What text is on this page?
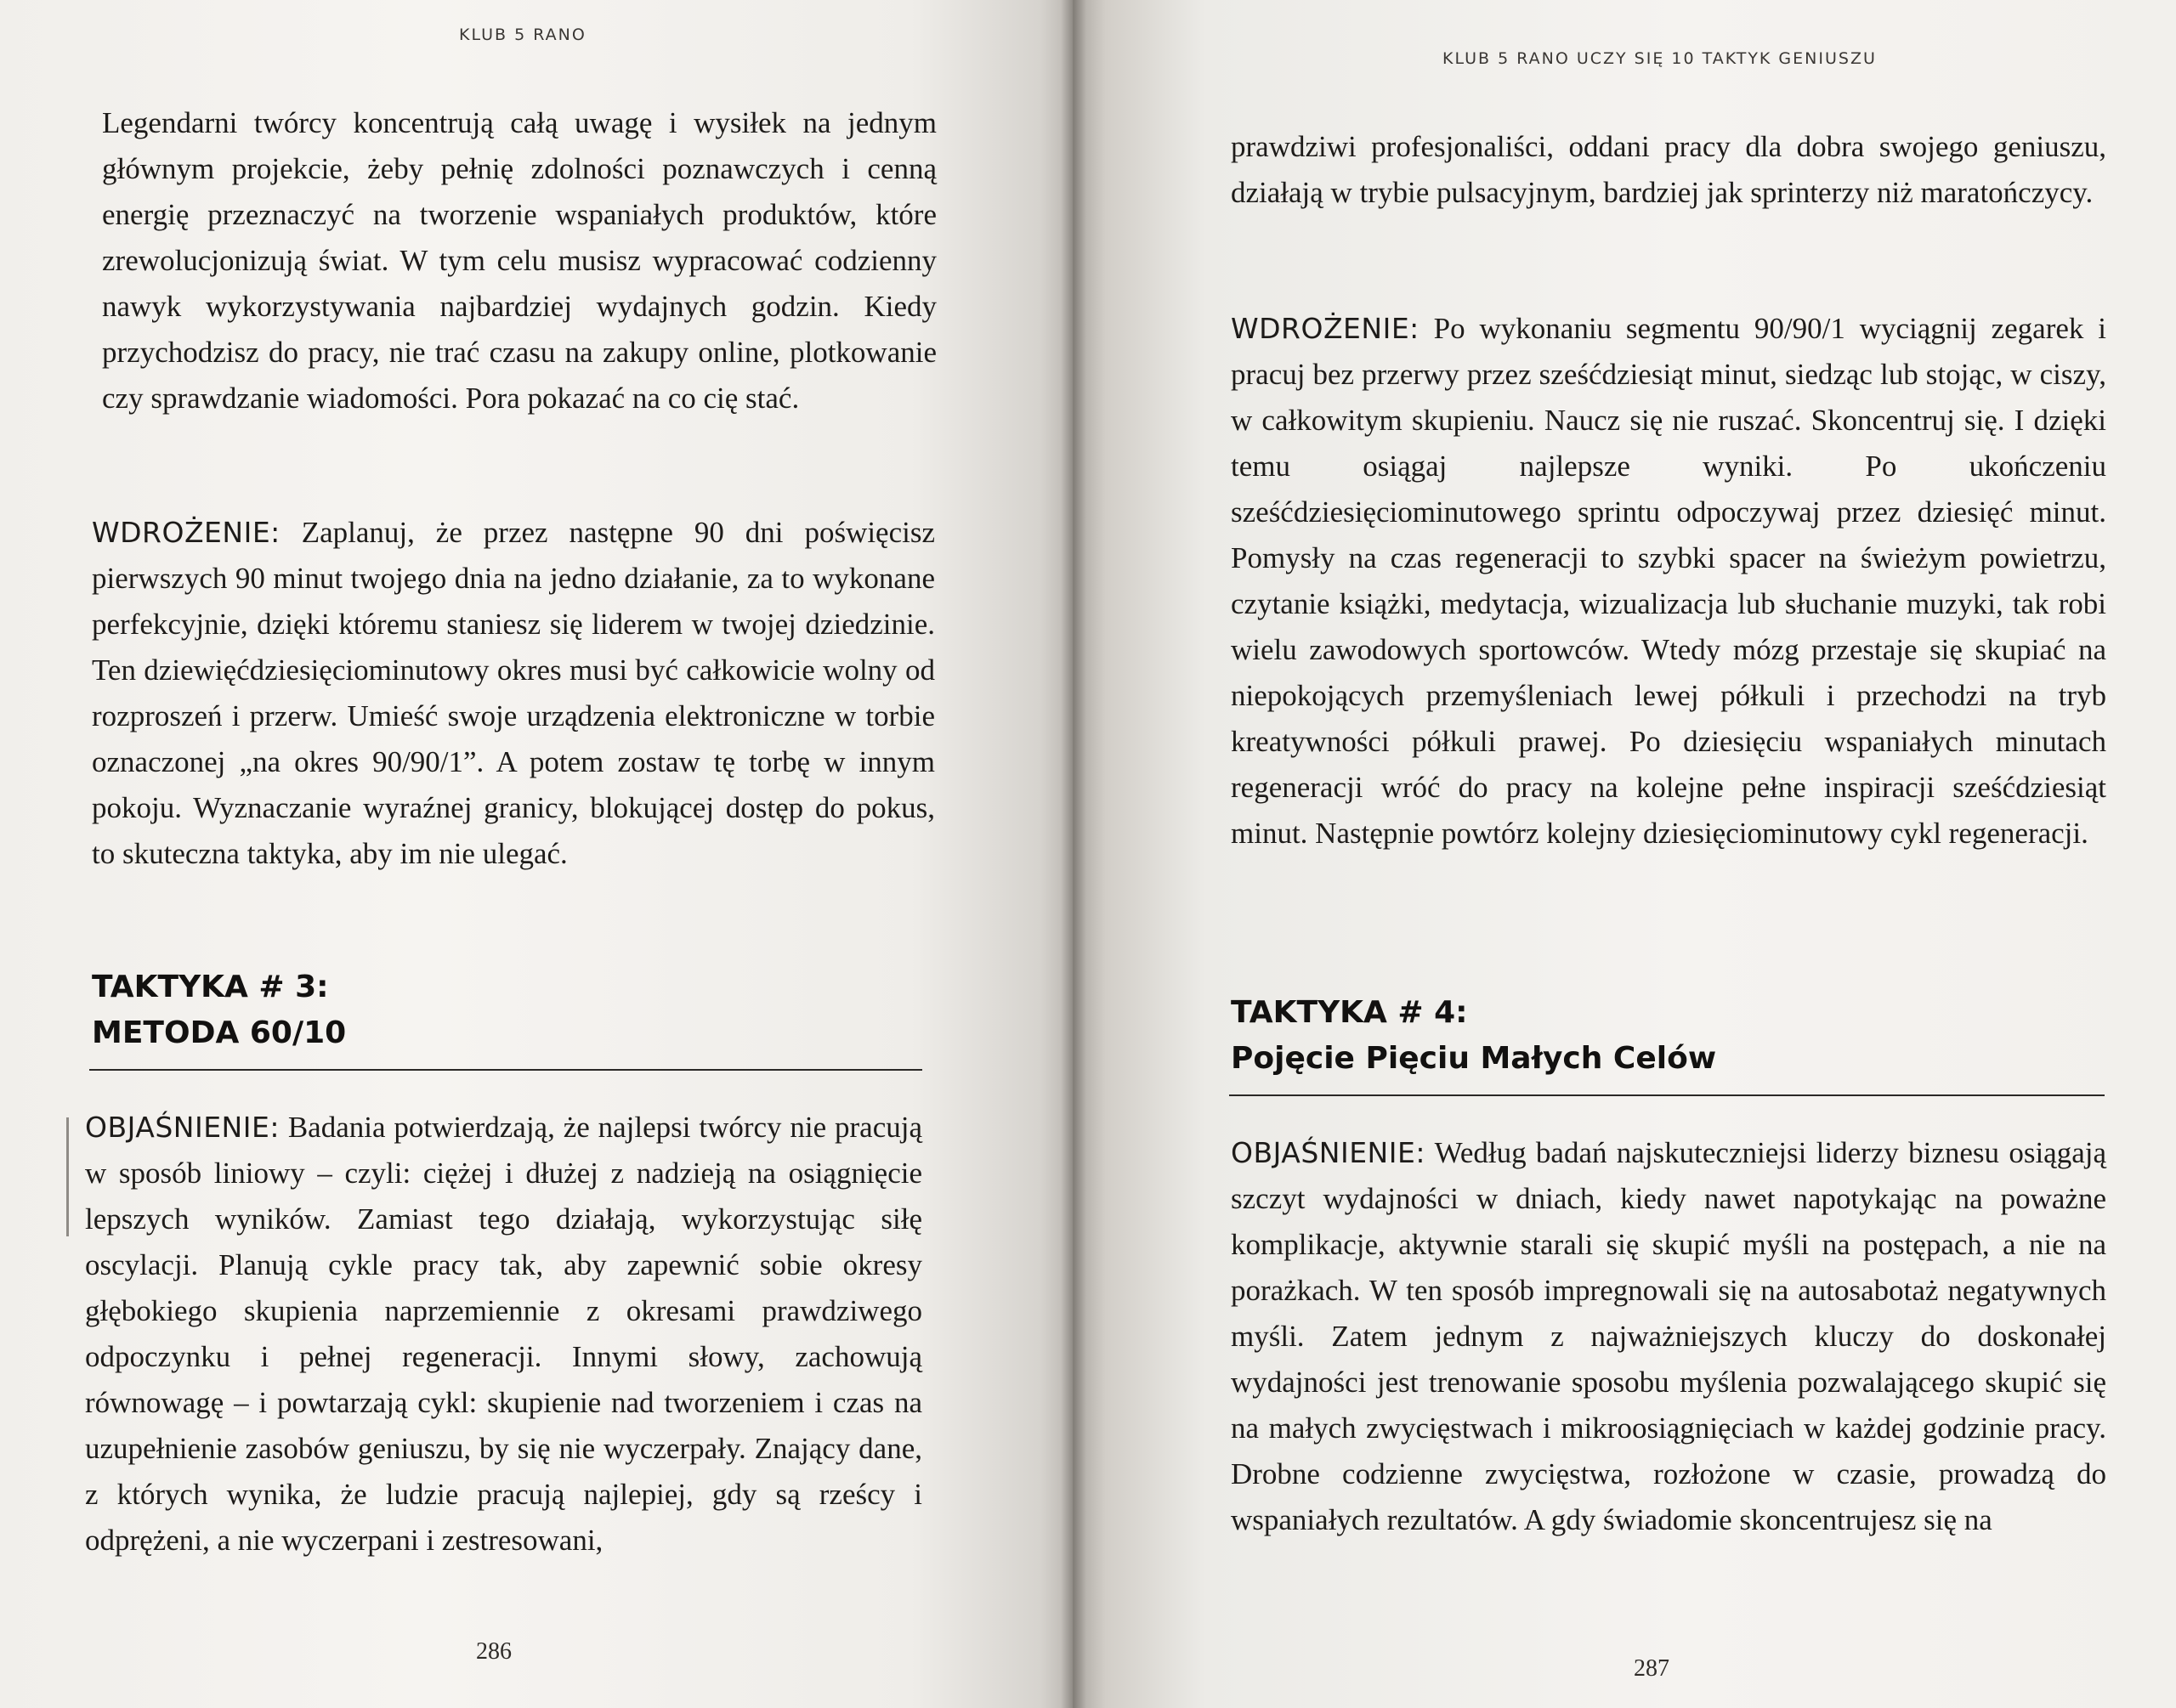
KLUB 5 RANO

Legendarni twórcy koncentrują całą uwagę i wysiłek na jednym głównym projekcie, żeby pełnię zdolności poznawczych i cenną energię przeznaczyć na tworzenie wspaniałych produktów, które zrewolucjonizują świat. W tym celu musisz wypracować codzienny nawyk wykorzystywania najbardziej wydajnych godzin. Kiedy przychodzisz do pracy, nie trać czasu na zakupy online, plotkowanie czy sprawdzanie wiadomości. Pora pokazać na co cię stać.

WDROŻENIE: Zaplanuj, że przez następne 90 dni poświęcisz pierwszych 90 minut twojego dnia na jedno działanie, za to wykonane perfekcyjnie, dzięki któremu staniesz się liderem w twojej dziedzinie. Ten dziewięćdziesięciominutowy okres musi być całkowicie wolny od rozproszeń i przerw. Umieść swoje urządzenia elektroniczne w torbie oznaczonej „na okres 90/90/1”. A potem zostaw tę torbę w innym pokoju. Wyznaczanie wyraźnej granicy, blokującej dostęp do pokus, to skuteczna taktyka, aby im nie ulegać.

TAKTYKA # 3:
METODA 60/10

OBJAŚNIENIE: Badania potwierdzają, że najlepsi twórcy nie pracują w sposób liniowy – czyli: ciężej i dłużej z nadzieją na osiągnięcie lepszych wyników. Zamiast tego działają, wykorzystując siłę oscylacji. Planują cykle pracy tak, aby zapewnić sobie okresy głębokiego skupienia naprzemiennie z okresami prawdziwego odpoczynku i pełnej regeneracji. Innymi słowy, zachowują równowagę – i powtarzają cykl: skupienie nad tworzeniem i czas na uzupełnienie zasobów geniuszu, by się nie wyczerpały. Znający dane, z których wynika, że ludzie pracują najlepiej, gdy są rześcy i odprężeni, a nie wyczerpani i zestresowani,

286
KLUB 5 RANO UCZY SIĘ 10 TAKTYK GENIUSZU

prawdziwi profesjonaliści, oddani pracy dla dobra swojego geniuszu, działają w trybie pulsacyjnym, bardziej jak sprinterzy niż maratończycy.

WDROŻENIE: Po wykonaniu segmentu 90/90/1 wyciągnij zegarek i pracuj bez przerwy przez sześćdziesiąt minut, siedząc lub stojąc, w ciszy, w całkowitym skupieniu. Naucz się nie ruszać. Skoncentruj się. I dzięki temu osiągaj najlepsze wyniki. Po ukończeniu sześćdziesięciominutowego sprintu odpoczywaj przez dziesięć minut. Pomysły na czas regeneracji to szybki spacer na świeżym powietrzu, czytanie książki, medytacja, wizualizacja lub słuchanie muzyki, tak robi wielu zawodowych sportowców. Wtedy mózg przestaje się skupiać na niepokojących przemyśleniach lewej półkuli i przechodzi na tryb kreatywności półkuli prawej. Po dziesięciu wspaniałych minutach regeneracji wróć do pracy na kolejne pełne inspiracji sześćdziesiąt minut. Następnie powtórz kolejny dziesięciominutowy cykl regeneracji.

TAKTYKA # 4:
Pojęcie Pięciu Małych Celów

OBJAŚNIENIE: Według badań najskuteczniejsi liderzy biznesu osiągają szczyt wydajności w dniach, kiedy nawet napotykając na poważne komplikacje, aktywnie starali się skupić myśli na postępach, a nie na porażkach. W ten sposób impregnowali się na autosabotaż negatywnych myśli. Zatem jednym z najważniejszych kluczy do doskonałej wydajności jest trenowanie sposobu myślenia pozwalającego skupić się na małych zwycięstwach i mikroosiągnięciach w każdej godzinie pracy. Drobne codzienne zwycięstwa, rozłożone w czasie, prowadzą do wspaniałych rezultatów. A gdy świadomie skoncentrujesz się na

287
